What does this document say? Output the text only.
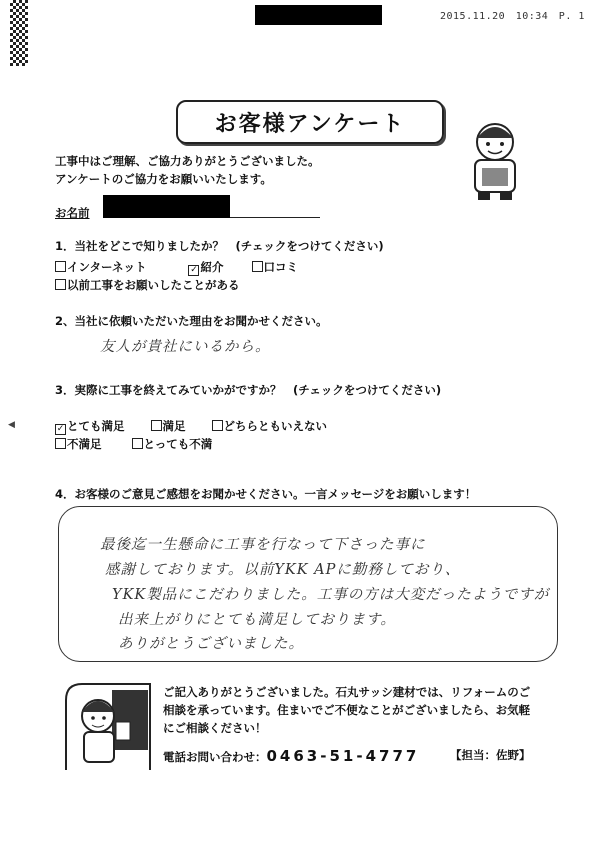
2015.11.20　10:34　P. 1
◀
お客様アンケート
工事中はご理解、ご協力ありがとうございました。
アンケートのご協力をお願いいたします。
お名前
1．当社をどこで知りましたか？　(チェックをつけてください)
インターネット	✓ 紹介	口コミ
以前工事をお願いしたことがある
2、当社に依頼いただいた理由をお聞かせください。
友人が貴社にいるから。
3．実際に工事を終えてみていかがですか？　(チェックをつけてください)
✓ とても満足	満足	どちらともいえない
不満足	とっても不満
4．お客様のご意見ご感想をお聞かせください。一言メッセージをお願いします！
最後迄一生懸命に工事を行なって下さった事に
感謝しております。以前YKK APに勤務しており、
YKK製品にこだわりました。工事の方は大変だったようですが
出来上がりにとても満足しております。
ありがとうございました。
ご記入ありがとうございました。石丸サッシ建材では、リフォームのご
相談を承っています。住まいでご不便なことがございましたら、お気軽
にご相談ください！
電話お問い合わせ：0463-51-4777	【担当：佐野】
